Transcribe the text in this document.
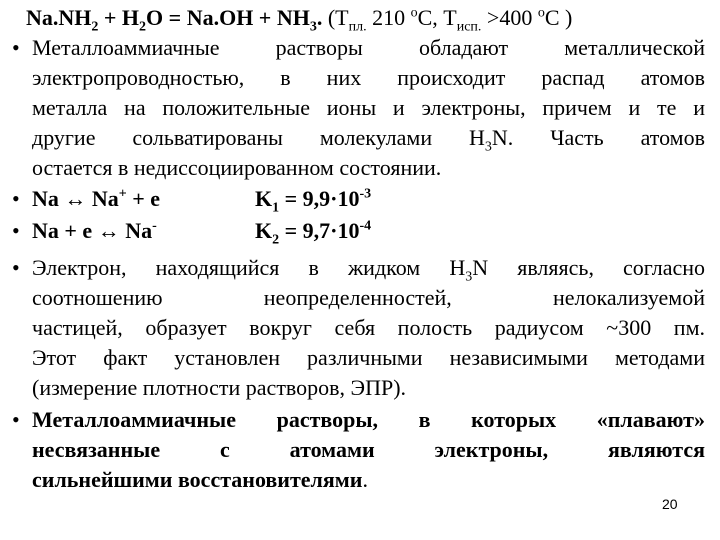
$Na.NH_2 + H_2O = Na.OH + NH_3$. ($T_{пл.}$ 210 $^о$С, $T_{исп.} >400$ $^о$С )
• Металлоаммиачные растворы обладают металлической
электропроводностью, в них происходит распад атомов
металла на положительные ионы и электроны, причем и те и
другие сольватированы молекулами $H_3N$. Часть атомов
остается в недиссоциированном состоянии.
• Na ↔ Na+ + e	$K_1 = 9,9\cdot 10^{-3}$
• Na + e ↔ Na-	$K_2 = 9,7\cdot 10^{-4}$
• Электрон, находящийся в жидком $H_3N$ являясь, согласно
соотношению неопределенностей, нелокализуемой
частицей, образует вокруг себя полость радиусом ~300 пм.
Этот факт установлен различными независимыми методами
(измерение плотности растворов, ЭПР).
• Металлоаммиачные растворы, в которых «плавают»
несвязанные с атомами электроны, являются
сильнейшими восстановителями.
20
